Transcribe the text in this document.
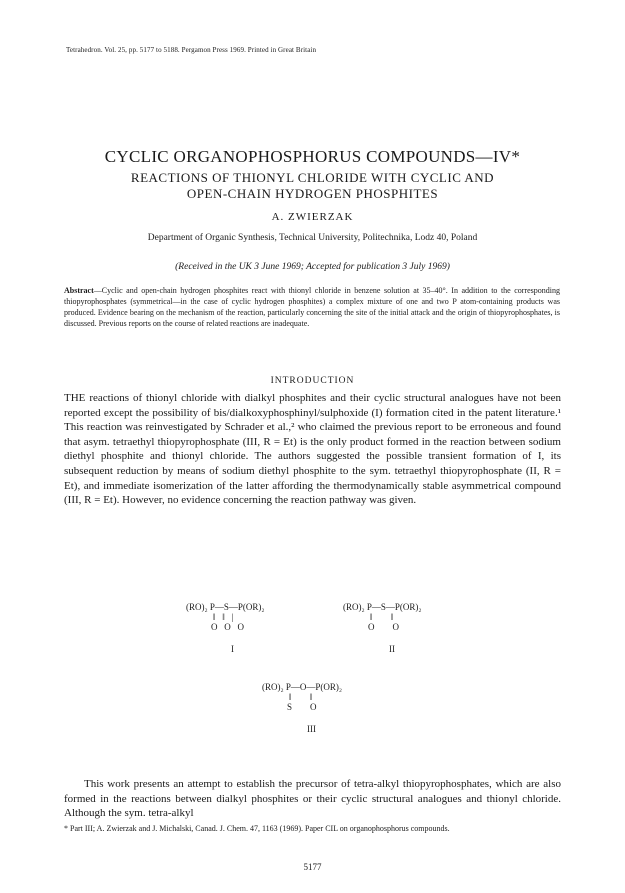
Tetrahedron. Vol. 25, pp. 5177 to 5188. Pergamon Press 1969. Printed in Great Britain
CYCLIC ORGANOPHOSPHORUS COMPOUNDS—IV*
REACTIONS OF THIONYL CHLORIDE WITH CYCLIC AND
OPEN-CHAIN HYDROGEN PHOSPHITES
A. ZWIERZAK
Department of Organic Synthesis, Technical University, Politechnika, Lodz 40, Poland
(Received in the UK 3 June 1969; Accepted for publication 3 July 1969)
Abstract—Cyclic and open-chain hydrogen phosphites react with thionyl chloride in benzene solution at 35–40°. In addition to the corresponding thiopyrophosphates (symmetrical—in the case of cyclic hydrogen phosphites) a complex mixture of one and two P atom-containing products was produced. Evidence bearing on the mechanism of the reaction, particularly concerning the site of the initial attack and the origin of thiopyrophosphates, is discussed. Previous reports on the course of related reactions are inadequate.
INTRODUCTION
THE reactions of thionyl chloride with dialkyl phosphites and their cyclic structural analogues have not been reported except the possibility of bis/dialkoxyphosphinyl/sulphoxide (I) formation cited in the patent literature.¹ This reaction was reinvestigated by Schrader et al.,² who claimed the previous report to be erroneous and found that asym. tetraethyl thiopyrophosphate (III, R = Et) is the only product formed in the reaction between sodium diethyl phosphite and thionyl chloride. The authors suggested the possible transient formation of I, its subsequent reduction by means of sodium diethyl phosphite to the sym. tetraethyl thiopyrophosphate (II, R = Et), and immediate isomerization of the latter affording the thermodynamically stable asymmetrical compound (III, R = Et). However, no evidence concerning the reaction pathway was given.
(RO)₂ P—S—P(OR)₂
‖   ‖   |
O   O   O
I
(RO)₂ P—S—P(OR)₂
‖        ‖
O        O
II
(RO)₂ P—O—P(OR)₂
‖        ‖
S        O
III
This work presents an attempt to establish the precursor of tetra-alkyl thiopyrophosphates, which are also formed in the reactions between dialkyl phosphites or their cyclic structural analogues and thionyl chloride. Although the sym. tetra-alkyl
* Part III; A. Zwierzak and J. Michalski, Canad. J. Chem. 47, 1163 (1969). Paper CIL on organophosphorus compounds.
5177
